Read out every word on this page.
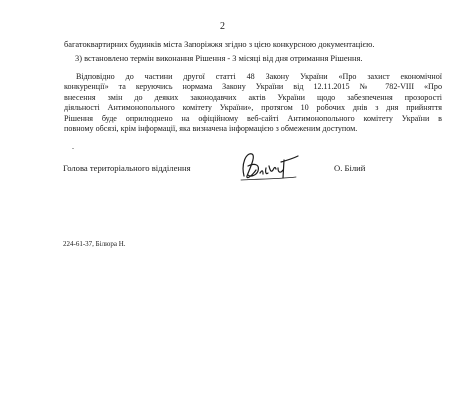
2
багатоквартирних будинків міста Запоріжжя згідно з цією конкурсною документацією.
3) встановлено термін виконання Рішення - 3 місяці від дня отримання Рішення.
Відповідно до частини другої статті 48 Закону України «Про захист економічної
конкуренції» та керуючись нормама Закону України від 12.11.2015 № 782-VIII «Про
внесення змін до деяких законодавчих актів України щодо забезпечення прозорості
діяльності Антимонопольного комітету України», протягом 10 робочих днів з дня прийняття
Рішення буде оприлюднено на офіційному веб-сайті Антимонопольного комітету України в
повному обсязі, крім інформації, яка визначена інформацією з обмеженим доступом.
.
Голова територіального відділення	О. Білий
224-61-37, Білюра Н.
